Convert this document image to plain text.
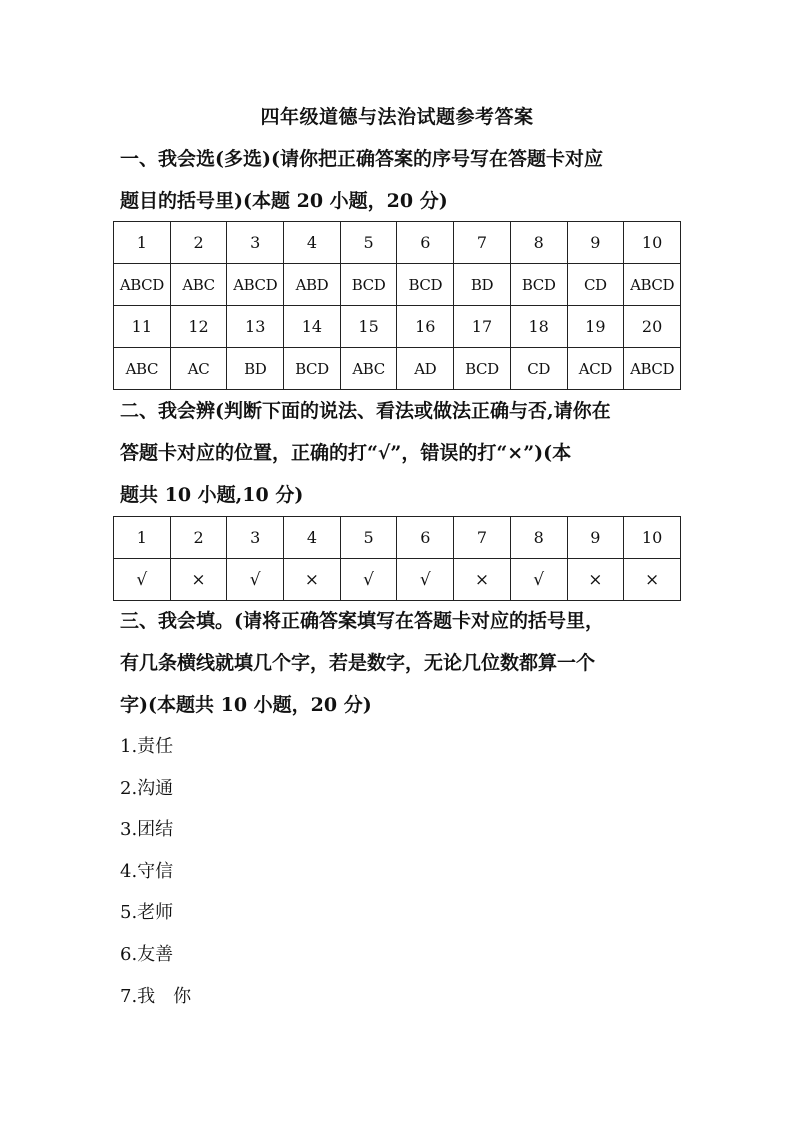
四年级道德与法治试题参考答案
一、我会选(多选)(请你把正确答案的序号写在答题卡对应
题目的括号里)(本题 20 小题，20 分)
1	2	3	4	5	6	7	8	9	10
ABCD	ABC	ABCD	ABD	BCD	BCD	BD	BCD	CD	ABCD
11	12	13	14	15	16	17	18	19	20
ABC	AC	BD	BCD	ABC	AD	BCD	CD	ACD	ABCD
二、我会辨(判断下面的说法、看法或做法正确与否,请你在
答题卡对应的位置，正确的打“√”，错误的打“×”)(本
题共 10 小题,10 分)
1	2	3	4	5	6	7	8	9	10
√	×	√	×	√	√	×	√	×	×
三、我会填。(请将正确答案填写在答题卡对应的括号里，
有几条横线就填几个字，若是数字，无论几位数都算一个
字)(本题共 10 小题，20 分)
1.责任
2.沟通
3.团结
4.守信
5.老师
6.友善
7.我　你
